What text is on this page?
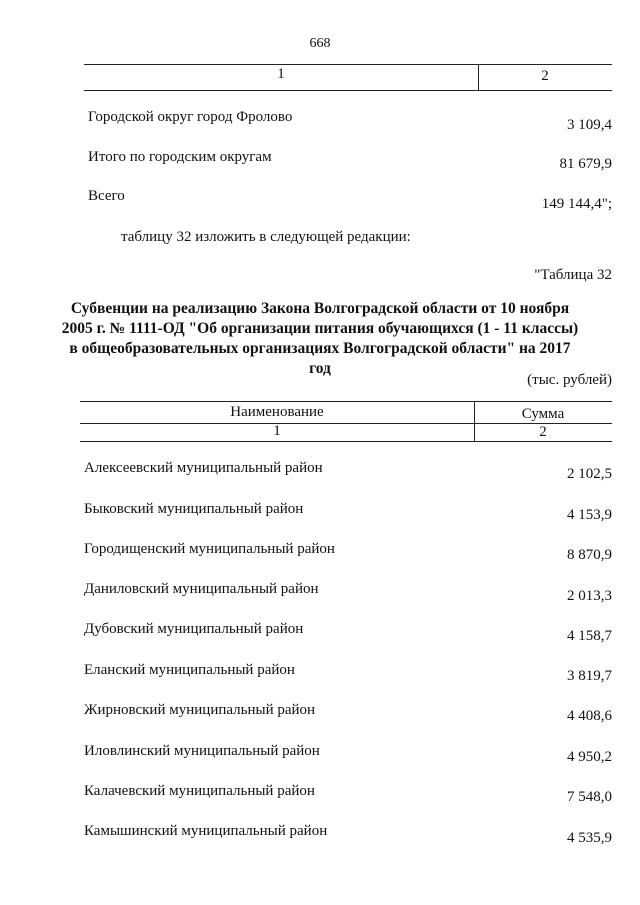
668
1	2
Городской округ город Фролово	3 109,4
Итого по городским округам	81 679,9
Всего	149 144,4";
таблицу 32 изложить в следующей редакции:
"Таблица 32
Субвенции на реализацию Закона Волгоградской области от 10 ноября 2005 г. № 1111-ОД "Об организации питания обучающихся (1 - 11 классы) в общеобразовательных организациях Волгоградской области" на 2017 год
(тыс. рублей)
Наименование	Сумма
1	2
Алексеевский муниципальный район	2 102,5
Быковский муниципальный район	4 153,9
Городищенский муниципальный район	8 870,9
Даниловский муниципальный район	2 013,3
Дубовский муниципальный район	4 158,7
Еланский муниципальный район	3 819,7
Жирновский муниципальный район	4 408,6
Иловлинский муниципальный район	4 950,2
Калачевский муниципальный район	7 548,0
Камышинский муниципальный район	4 535,9
